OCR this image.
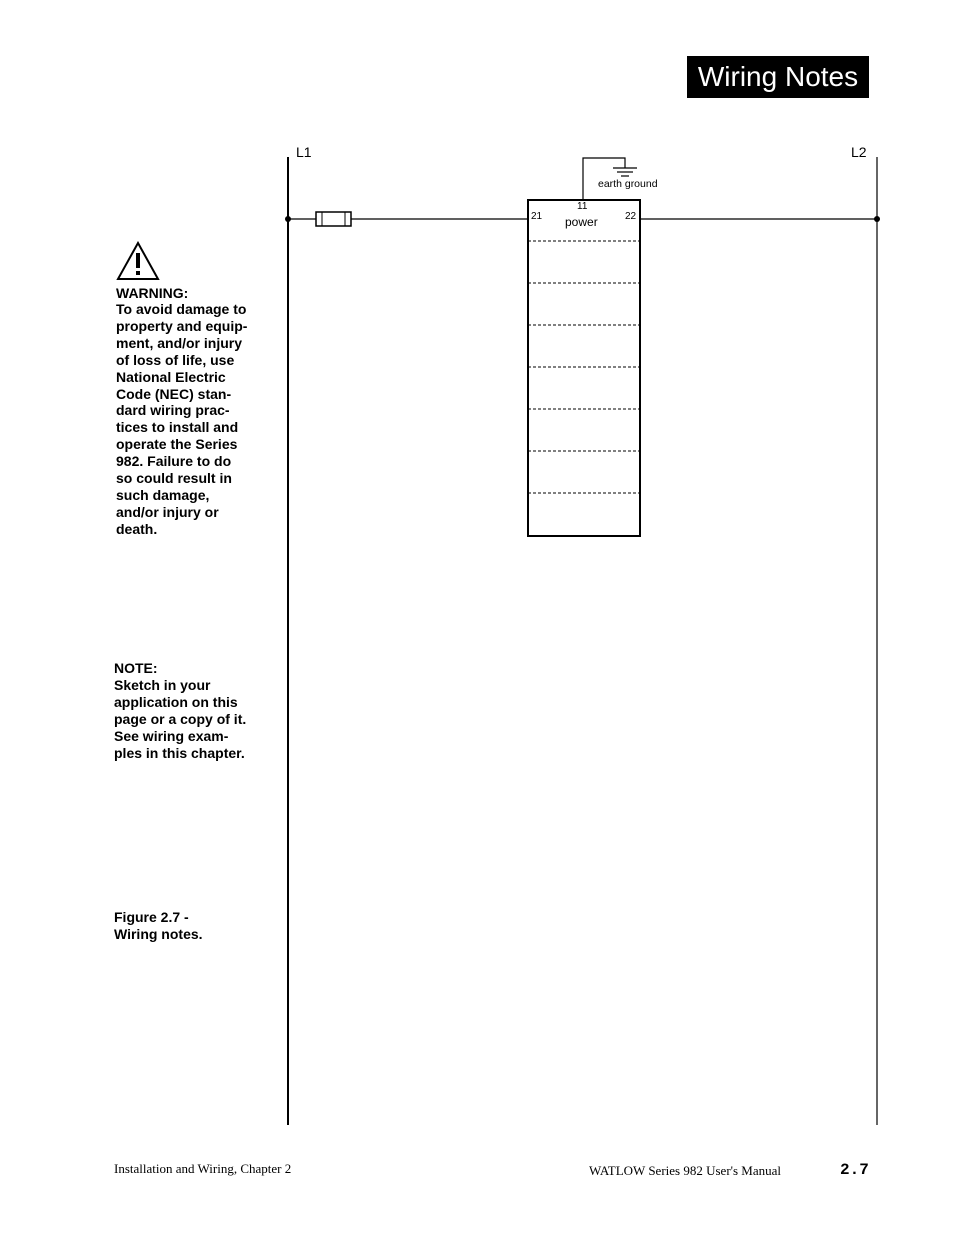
Wiring Notes
L1	L2
earth ground
21
11
22
power
WARNING:
To avoid damage to
property and equip-
ment, and/or injury
of loss of life, use
National Electric
Code (NEC) stan-
dard wiring prac-
tices to install and
operate the Series
982. Failure to do
so could result in
such damage,
and/or injury or
death.
NOTE:
Sketch in your
application on this
page or a copy of it.
See wiring exam-
ples in this chapter.
Figure 2.7 -
Wiring notes.
Installation and Wiring, Chapter 2	WATLOW Series 982 User's Manual	2.7
